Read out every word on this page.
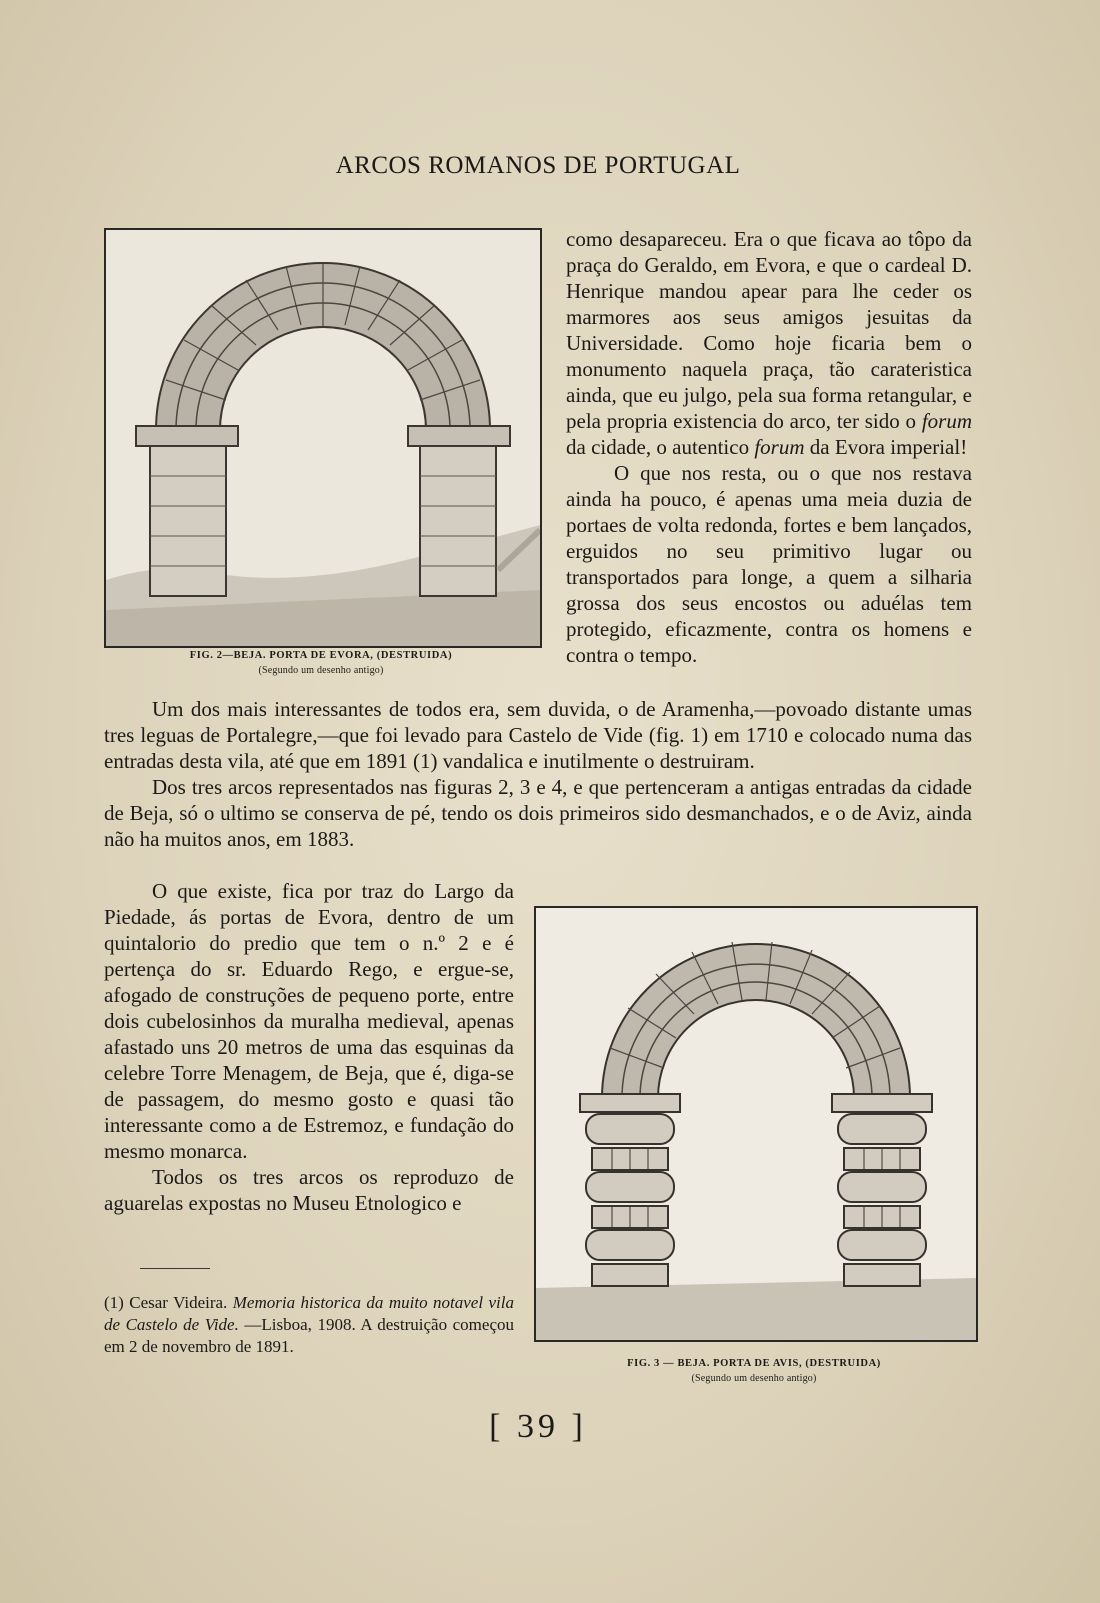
ARCOS ROMANOS DE PORTUGAL
FIG. 2—BEJA. PORTA DE EVORA, (DESTRUIDA)
(Segundo um desenho antigo)

como desapareceu. Era o que ficava ao tôpo da praça do Geraldo, em Evora, e que o cardeal D. Henrique mandou apear para lhe ceder os marmores aos seus amigos jesuitas da Universidade. Como hoje ficaria bem o monumento naquela praça, tão carateristica ainda, que eu julgo, pela sua forma retangular, e pela propria existencia do arco, ter sido o forum da cidade, o autentico forum da Evora imperial!

O que nos resta, ou o que nos restava ainda ha pouco, é apenas uma meia duzia de portaes de volta redonda, fortes e bem lançados, erguidos no seu primitivo lugar ou transportados para longe, a quem a silharia grossa dos seus encostos ou aduélas tem protegido, eficazmente, contra os homens e contra o tempo.

Um dos mais interessantes de todos era, sem duvida, o de Aramenha,—povoado distante umas tres leguas de Portalegre,—que foi levado para Castelo de Vide (fig. 1) em 1710 e colocado numa das entradas desta vila, até que em 1891 (1) vandalica e inutilmente o destruiram.

Dos tres arcos representados nas figuras 2, 3 e 4, e que pertenceram a antigas entradas da cidade de Beja, só o ultimo se conserva de pé, tendo os dois primeiros sido desmanchados, e o de Aviz, ainda não ha muitos anos, em 1883.

O que existe, fica por traz do Largo da Piedade, ás portas de Evora, dentro de um quintalorio do predio que tem o n.º 2 e é pertença do sr. Eduardo Rego, e ergue-se, afogado de construções de pequeno porte, entre dois cubelosinhos da muralha medieval, apenas afastado uns 20 metros de uma das esquinas da celebre Torre Menagem, de Beja, que é, diga-se de passagem, do mesmo gosto e quasi tão interessante como a de Estremoz, e fundação do mesmo monarca.

Todos os tres arcos os reproduzo de aguarelas expostas no Museu Etnologico e

FIG. 3 — BEJA. PORTA DE AVIS, (DESTRUIDA)
(Segundo um desenho antigo)
(1) Cesar Videira. Memoria historica da muito notavel vila de Castelo de Vide. —Lisboa, 1908. A destruição começou em 2 de novembro de 1891.
[ 39 ]
